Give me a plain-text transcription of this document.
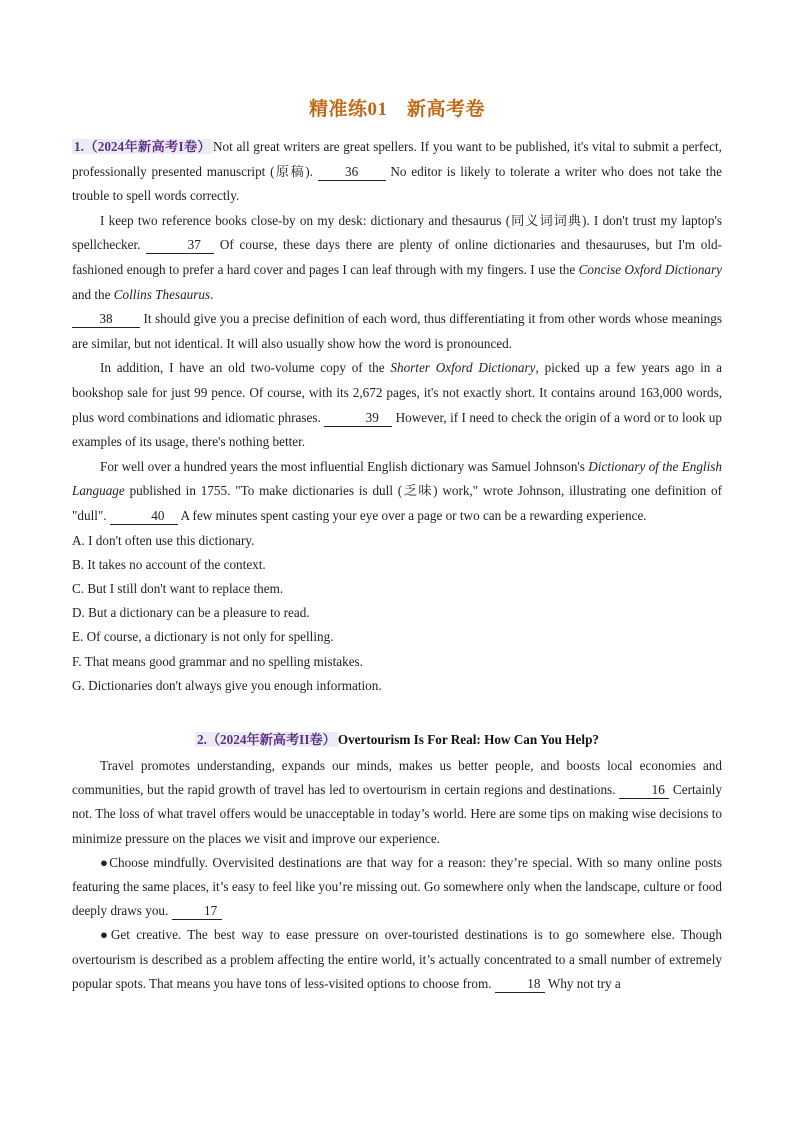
精准练01　新高考卷

1.（2024年新高考I卷） Not all great writers are great spellers. If you want to be published, it's vital to submit a perfect, professionally presented manuscript (原稿). 36 No editor is likely to tolerate a writer who does not take the trouble to spell words correctly.

I keep two reference books close-by on my desk: dictionary and thesaurus (同义词词典). I don't trust my laptop's spellchecker.	37 Of course, these days there are plenty of online dictionaries and thesauruses, but I'm old-fashioned enough to prefer a hard cover and pages I can leaf through with my fingers. I use the Concise Oxford Dictionary and the Collins Thesaurus.

38 It should give you a precise definition of each word, thus differentiating it from other words whose meanings are similar, but not identical. It will also usually show how the word is pronounced.

In addition, I have an old two-volume copy of the Shorter Oxford Dictionary, picked up a few years ago in a bookshop sale for just 99 pence. Of course, with its 2,672 pages, it's not exactly short. It contains around 163,000 words, plus word combinations and idiomatic phrases.	39 However, if I need to check the origin of a word or to look up examples of its usage, there's nothing better.

For well over a hundred years the most influential English dictionary was Samuel Johnson's Dictionary of the English Language published in 1755. "To make dictionaries is dull (乏味) work," wrote Johnson, illustrating one definition of "dull".	40 A few minutes spent casting your eye over a page or two can be a rewarding experience.

A. I don't often use this dictionary.
B. It takes no account of the context.
C. But I still don't want to replace them.
D. But a dictionary can be a pleasure to read.
E. Of course, a dictionary is not only for spelling.
F. That means good grammar and no spelling mistakes.
G. Dictionaries don't always give you enough information.
2.（2024年新高考II卷） Overtourism Is For Real: How Can You Help?

Travel promotes understanding, expands our minds, makes us better people, and boosts local economies and communities, but the rapid growth of travel has led to overtourism in certain regions and destinations. 16 Certainly not. The loss of what travel offers would be unacceptable in today’s world. Here are some tips on making wise decisions to minimize pressure on the places we visit and improve our experience.

●Choose mindfully. Overvisited destinations are that way for a reason: they’re special. With so many online posts featuring the same places, it’s easy to feel like you’re missing out. Go somewhere only when the landscape, culture or food deeply draws you. 17

●Get creative. The best way to ease pressure on over-touristed destinations is to go somewhere else. Though overtourism is described as a problem affecting the entire world, it’s actually concentrated to a small number of extremely popular spots. That means you have tons of less-visited options to choose from. 18 Why not try a
